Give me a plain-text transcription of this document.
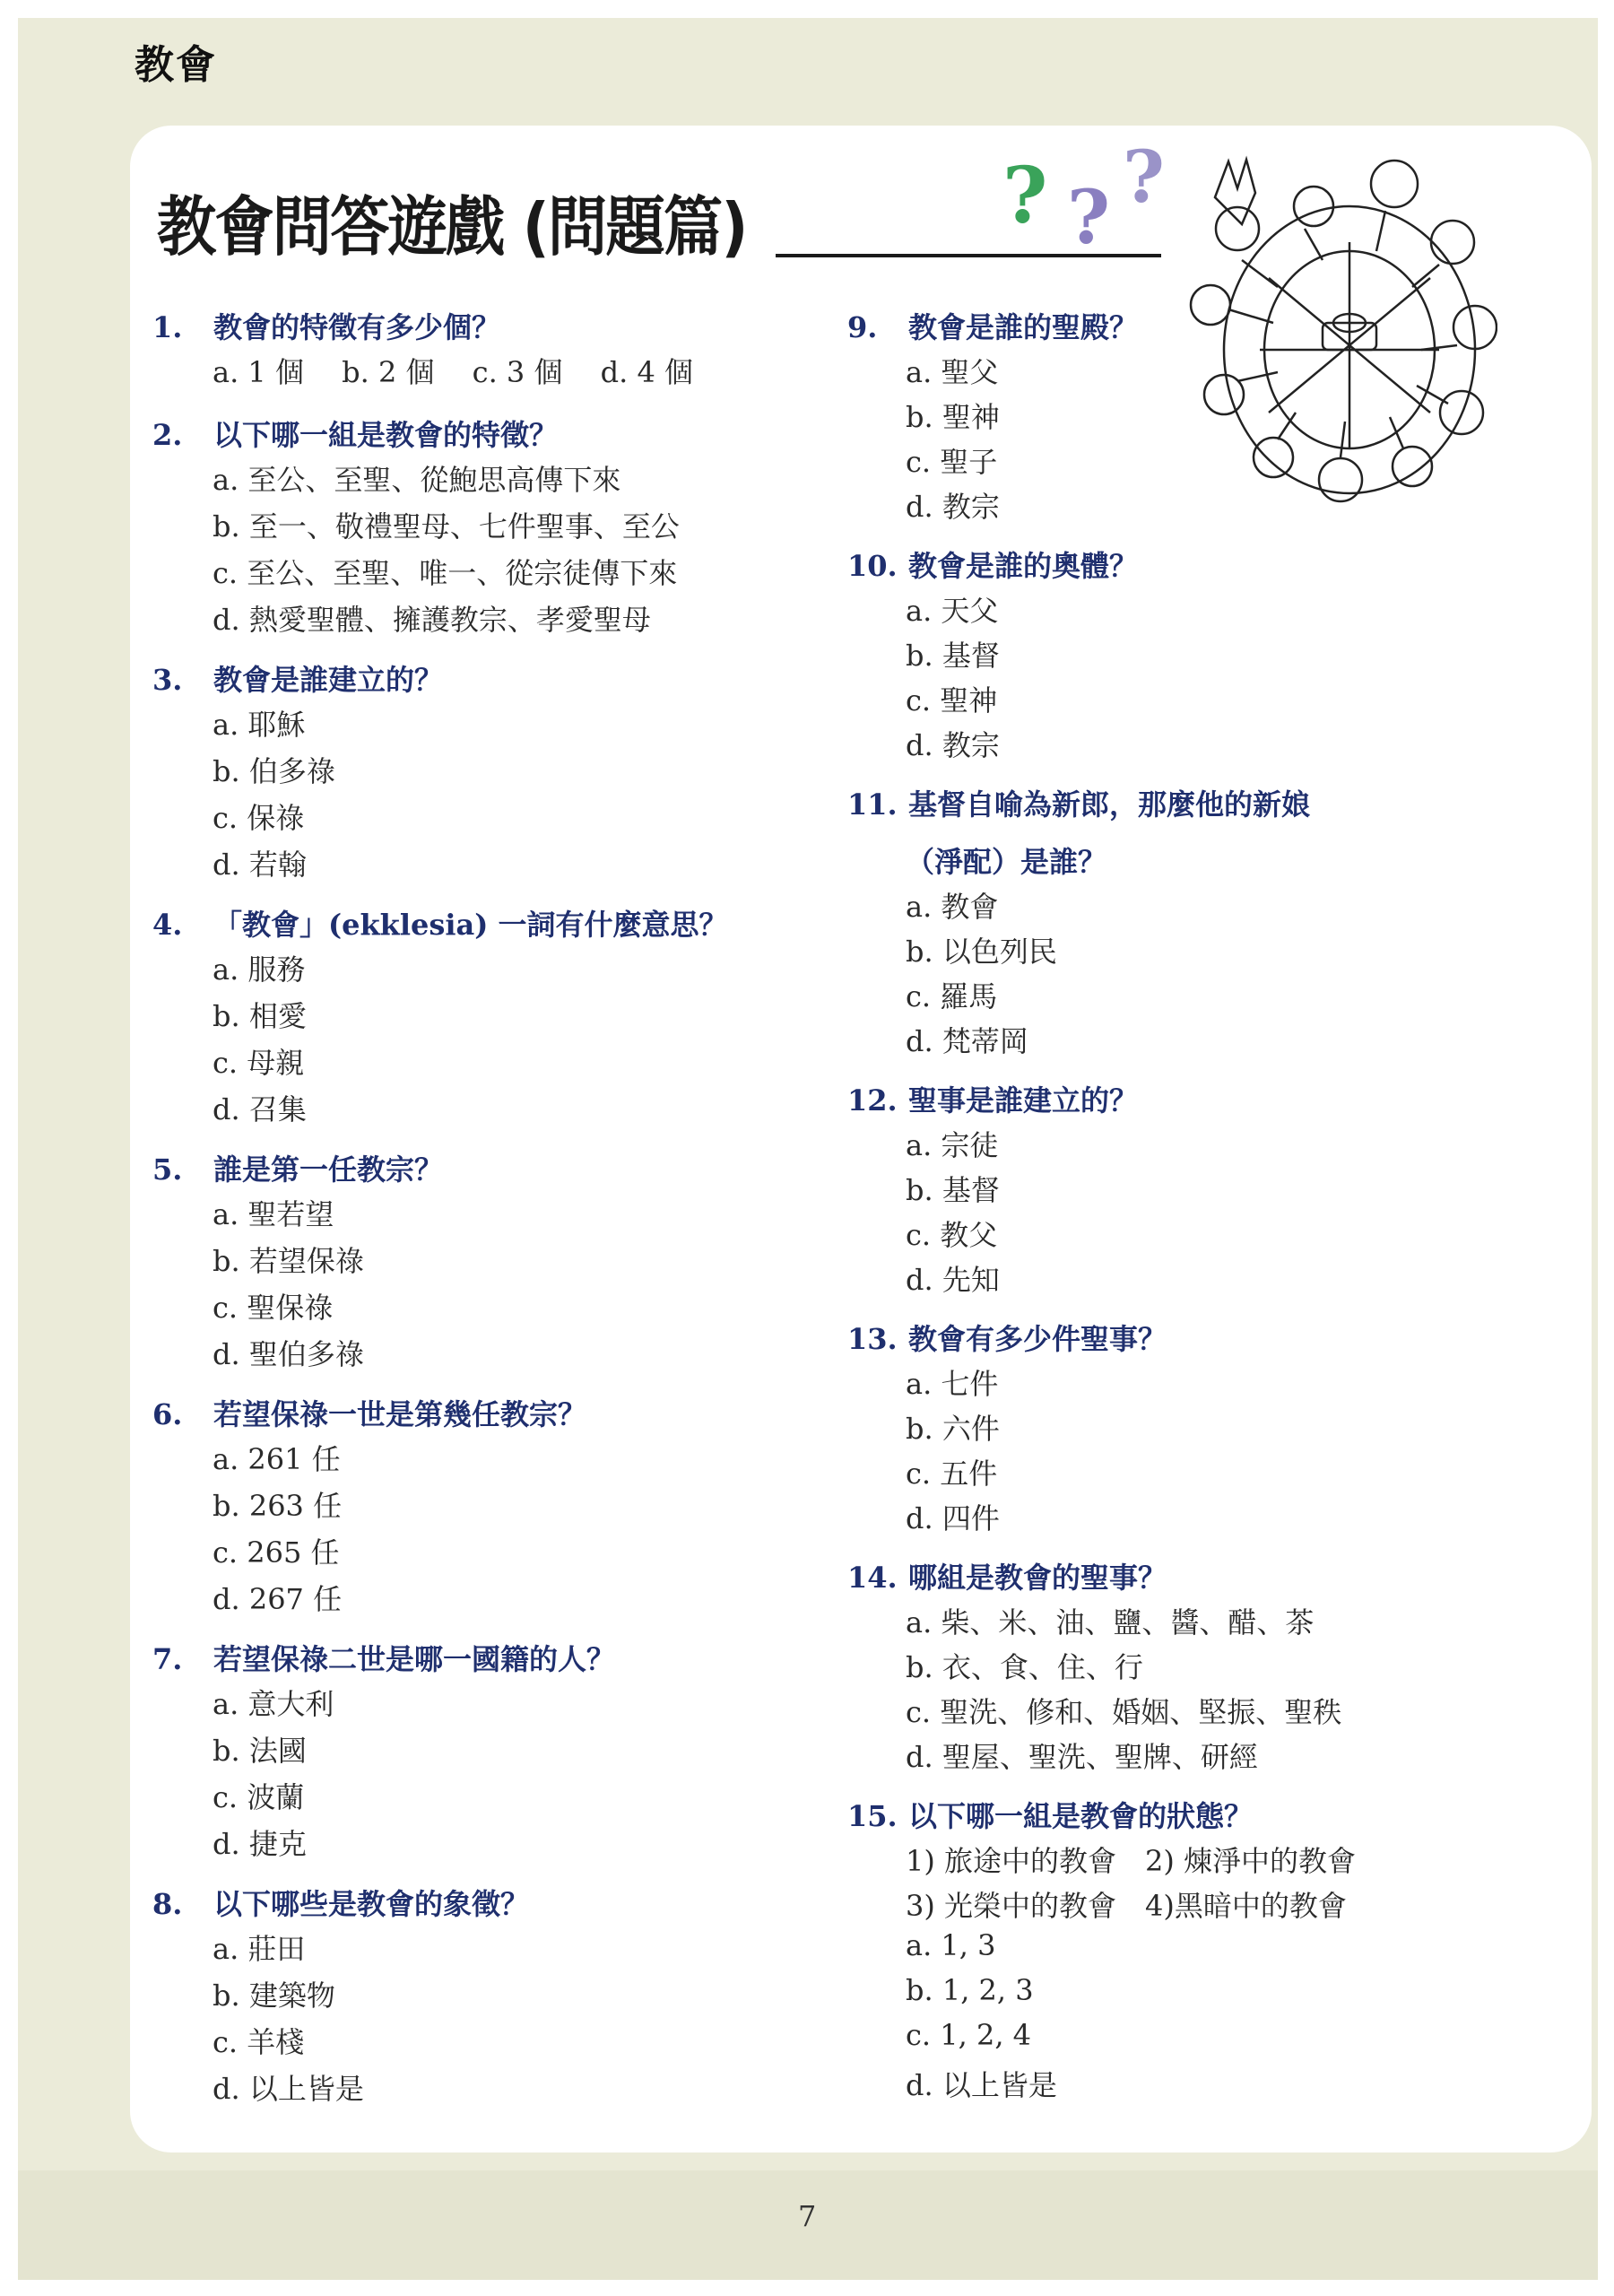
教會
教會問答遊戲 (問題篇)	? ? ?
1. 教會的特徵有多少個？
a. 1 個　 b. 2 個　 c. 3 個　 d. 4 個
2. 以下哪一組是教會的特徵？
a. 至公、至聖、從鮑思高傳下來
b. 至一、敬禮聖母、七件聖事、至公
c. 至公、至聖、唯一、從宗徒傳下來
d. 熱愛聖體、擁護教宗、孝愛聖母
3. 教會是誰建立的？
a. 耶穌
b. 伯多祿
c. 保祿
d. 若翰
4. 「教會」(ekklesia) 一詞有什麼意思？
a. 服務
b. 相愛
c. 母親
d. 召集
5. 誰是第一任教宗？
a. 聖若望
b. 若望保祿
c. 聖保祿
d. 聖伯多祿
6. 若望保祿一世是第幾任教宗？
a. 261 任
b. 263 任
c. 265 任
d. 267 任
7. 若望保祿二世是哪一國籍的人？
a. 意大利
b. 法國
c. 波蘭
d. 捷克
8. 以下哪些是教會的象徵？
a. 莊田
b. 建築物
c. 羊棧
d. 以上皆是
9. 教會是誰的聖殿？
a. 聖父
b. 聖神
c. 聖子
d. 教宗
10. 教會是誰的奧體？
a. 天父
b. 基督
c. 聖神
d. 教宗
11. 基督自喻為新郎，那麼他的新娘
（淨配）是誰？
a. 教會
b. 以色列民
c. 羅馬
d. 梵蒂岡
12. 聖事是誰建立的？
a. 宗徒
b. 基督
c. 教父
d. 先知
13. 教會有多少件聖事？
a. 七件
b. 六件
c. 五件
d. 四件
14. 哪組是教會的聖事？
a. 柴、米、油、鹽、醬、醋、茶
b. 衣、食、住、行
c. 聖洗、修和、婚姻、堅振、聖秩
d. 聖屋、聖洗、聖牌、研經
15. 以下哪一組是教會的狀態？
1) 旅途中的教會　2) 煉淨中的教會
3) 光榮中的教會　4)黑暗中的教會
a. 1, 3
b. 1, 2, 3
c. 1, 2, 4
d. 以上皆是
7
